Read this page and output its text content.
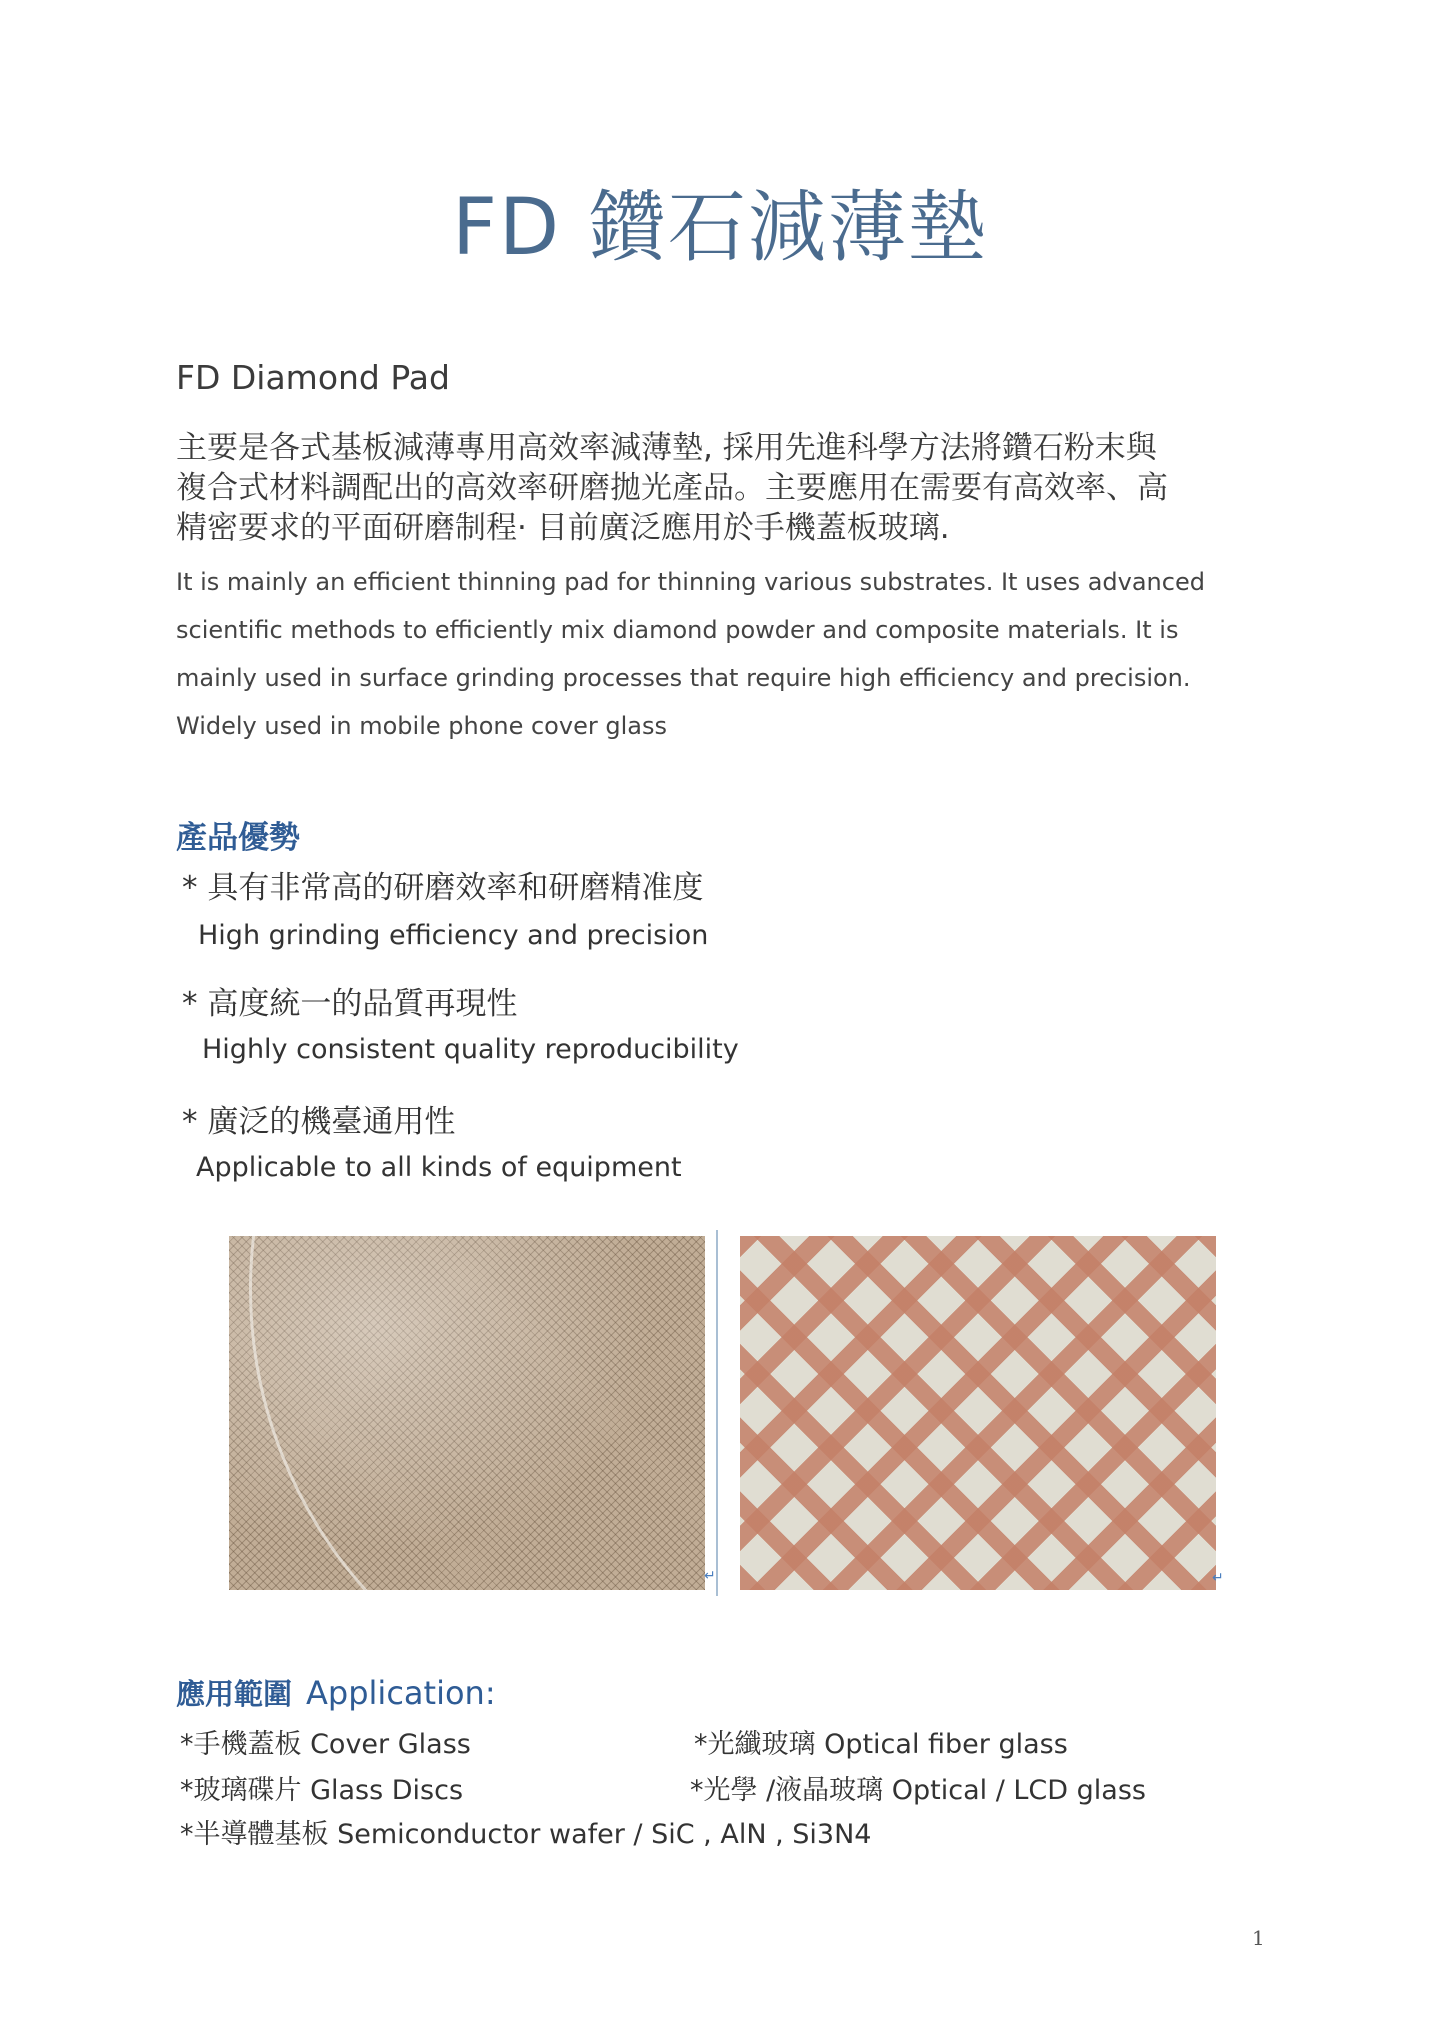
FD 鑽石減薄墊
FD Diamond Pad
主要是各式基板減薄專用高效率減薄墊, 採用先進科學方法將鑽石粉末與
複合式材料調配出的高效率研磨拋光產品。主要應用在需要有高效率、高
精密要求的平面研磨制程· 目前廣泛應用於手機蓋板玻璃.
It is mainly an efficient thinning pad for thinning various substrates. It uses advanced
scientific methods to efficiently mix diamond powder and composite materials. It is
mainly used in surface grinding processes that require high efficiency and precision.
Widely used in mobile phone cover glass
產品優勢
* 具有非常高的研磨效率和研磨精准度
High grinding efficiency and precision
* 高度統一的品質再現性
Highly consistent quality reproducibility
* 廣泛的機臺通用性
Applicable to all kinds of equipment
↵	↵
應用範圍 Application:
*手機蓋板 Cover Glass	*光纖玻璃 Optical fiber glass
*玻璃碟片 Glass Discs	*光學 /液晶玻璃 Optical / LCD glass
*半導體基板 Semiconductor wafer / SiC , AlN , Si3N4
1
